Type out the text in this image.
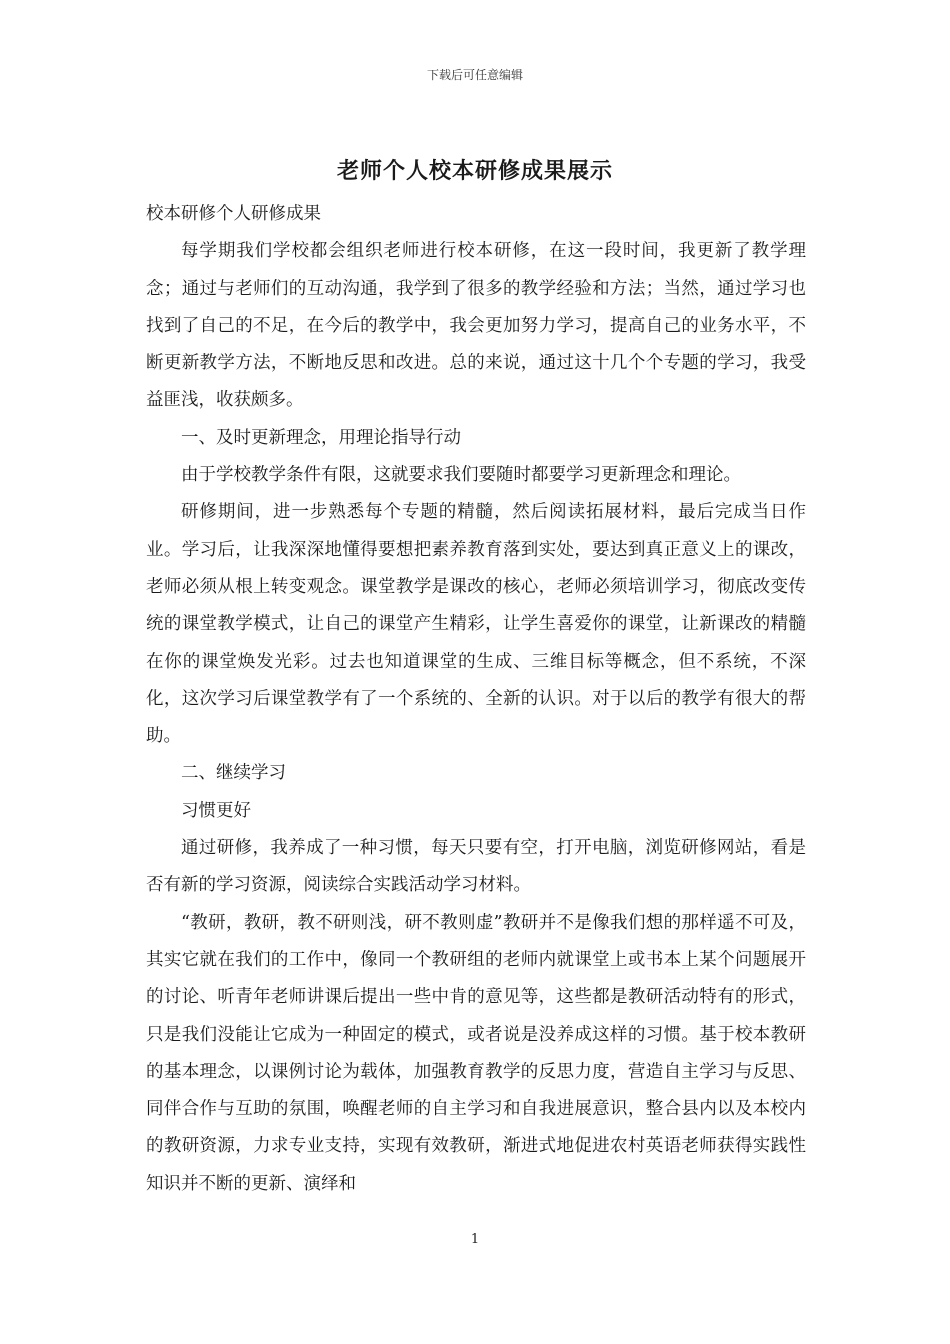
下载后可任意编辑
老师个人校本研修成果展示

校本研修个人研修成果

每学期我们学校都会组织老师进行校本研修，在这一段时间，我更新了教学理念；通过与老师们的互动沟通，我学到了很多的教学经验和方法；当然，通过学习也找到了自己的不足，在今后的教学中，我会更加努力学习，提高自己的业务水平，不断更新教学方法，不断地反思和改进。总的来说，通过这十几个个专题的学习，我受益匪浅，收获颇多。

一、及时更新理念，用理论指导行动

由于学校教学条件有限，这就要求我们要随时都要学习更新理念和理论。

研修期间，进一步熟悉每个专题的精髓，然后阅读拓展材料，最后完成当日作业。学习后，让我深深地懂得要想把素养教育落到实处，要达到真正意义上的课改，老师必须从根上转变观念。课堂教学是课改的核心，老师必须培训学习，彻底改变传统的课堂教学模式，让自己的课堂产生精彩，让学生喜爱你的课堂，让新课改的精髓在你的课堂焕发光彩。过去也知道课堂的生成、三维目标等概念，但不系统，不深化，这次学习后课堂教学有了一个系统的、全新的认识。对于以后的教学有很大的帮助。

二、继续学习

习惯更好

通过研修，我养成了一种习惯，每天只要有空，打开电脑，浏览研修网站，看是否有新的学习资源，阅读综合实践活动学习材料。

“教研，教研，教不研则浅，研不教则虚”教研并不是像我们想的那样遥不可及，其实它就在我们的工作中，像同一个教研组的老师内就课堂上或书本上某个问题展开的讨论、听青年老师讲课后提出一些中肯的意见等，这些都是教研活动特有的形式，只是我们没能让它成为一种固定的模式，或者说是没养成这样的习惯。基于校本教研的基本理念，以课例讨论为载体，加强教育教学的反思力度，营造自主学习与反思、同伴合作与互助的氛围，唤醒老师的自主学习和自我进展意识，整合县内以及本校内的教研资源，力求专业支持，实现有效教研，渐进式地促进农村英语老师获得实践性知识并不断的更新、演绎和

1
